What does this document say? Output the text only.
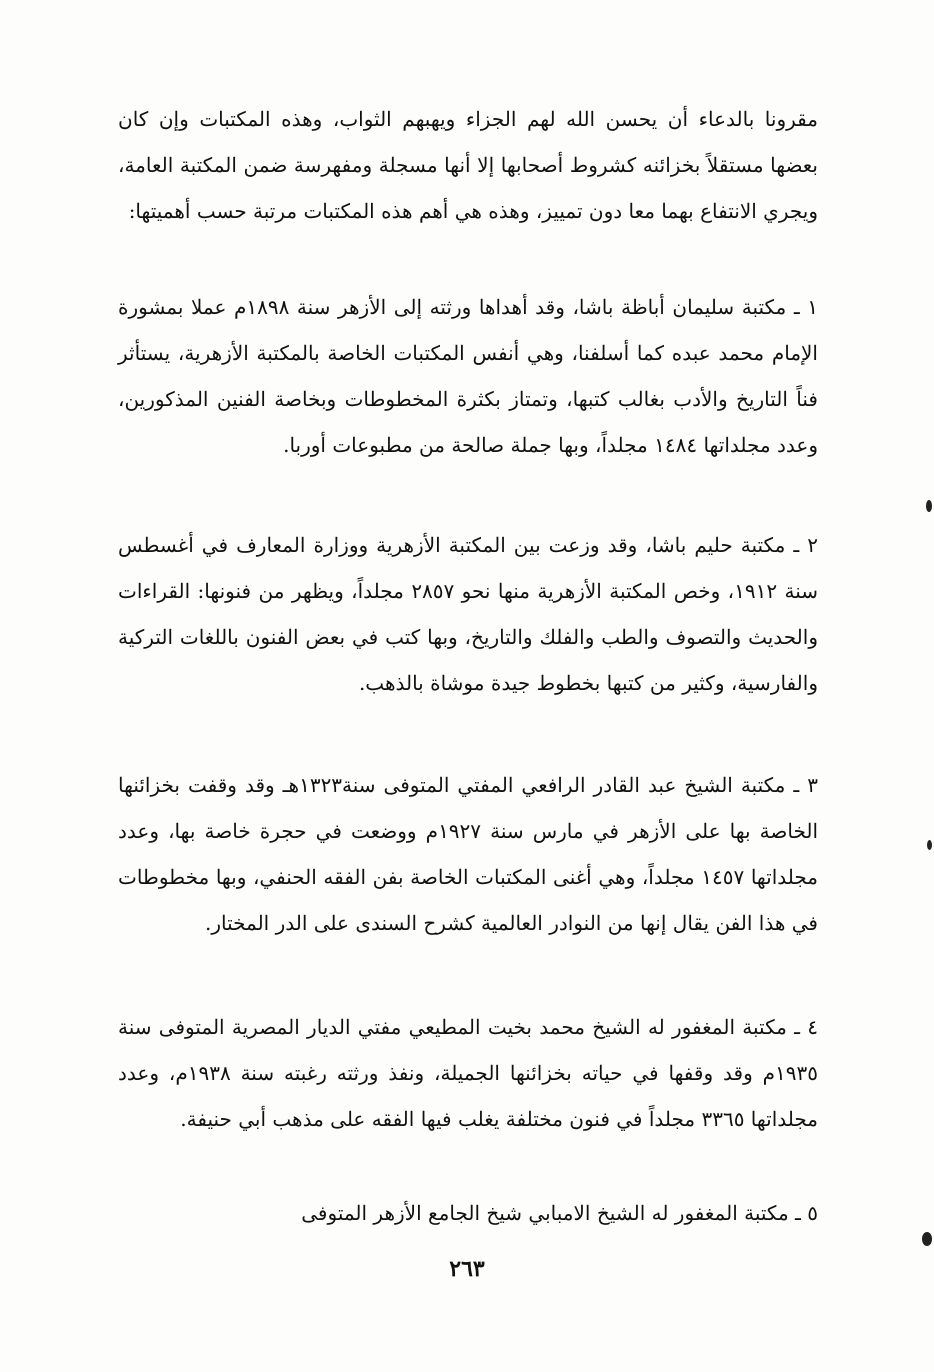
مقرونا بالدعاء أن يحسن الله لهم الجزاء ويهبهم الثواب، وهذه المكتبات وإن كان بعضها مستقلاً بخزائنه كشروط أصحابها إلا أنها مسجلة ومفهرسة ضمن المكتبة العامة، ويجري الانتفاع بهما معا دون تمييز، وهذه هي أهم هذه المكتبات مرتبة حسب أهميتها:

١ ـ مكتبة سليمان أباظة باشا، وقد أهداها ورثته إلى الأزهر سنة ١٨٩٨م عملا بمشورة الإمام محمد عبده كما أسلفنا، وهي أنفس المكتبات الخاصة بالمكتبة الأزهرية، يستأثر فناً التاريخ والأدب بغالب كتبها، وتمتاز بكثرة المخطوطات وبخاصة الفنين المذكورين، وعدد مجلداتها ١٤٨٤ مجلداً، وبها جملة صالحة من مطبوعات أوربا.

٢ ـ مكتبة حليم باشا، وقد وزعت بين المكتبة الأزهرية ووزارة المعارف في أغسطس سنة ١٩١٢، وخص المكتبة الأزهرية منها نحو ٢٨٥٧ مجلداً، ويظهر من فنونها: القراءات والحديث والتصوف والطب والفلك والتاريخ، وبها كتب في بعض الفنون باللغات التركية والفارسية، وكثير من كتبها بخطوط جيدة موشاة بالذهب.

٣ ـ مكتبة الشيخ عبد القادر الرافعي المفتي المتوفى سنة١٣٢٣هـ وقد وقفت بخزائنها الخاصة بها على الأزهر في مارس سنة ١٩٢٧م ووضعت في حجرة خاصة بها، وعدد مجلداتها ١٤٥٧ مجلداً، وهي أغنى المكتبات الخاصة بفن الفقه الحنفي، وبها مخطوطات في هذا الفن يقال إنها من النوادر العالمية كشرح السندى على الدر المختار.

٤ ـ مكتبة المغفور له الشيخ محمد بخيت المطيعي مفتي الديار المصرية المتوفى سنة ١٩٣٥م وقد وقفها في حياته بخزائنها الجميلة، ونفذ ورثته رغبته سنة ١٩٣٨م، وعدد مجلداتها ٣٣٦٥ مجلداً في فنون مختلفة يغلب فيها الفقه على مذهب أبي حنيفة.

٥ ـ مكتبة المغفور له الشيخ الامبابي شيخ الجامع الأزهر المتوفى

٢٦٣
